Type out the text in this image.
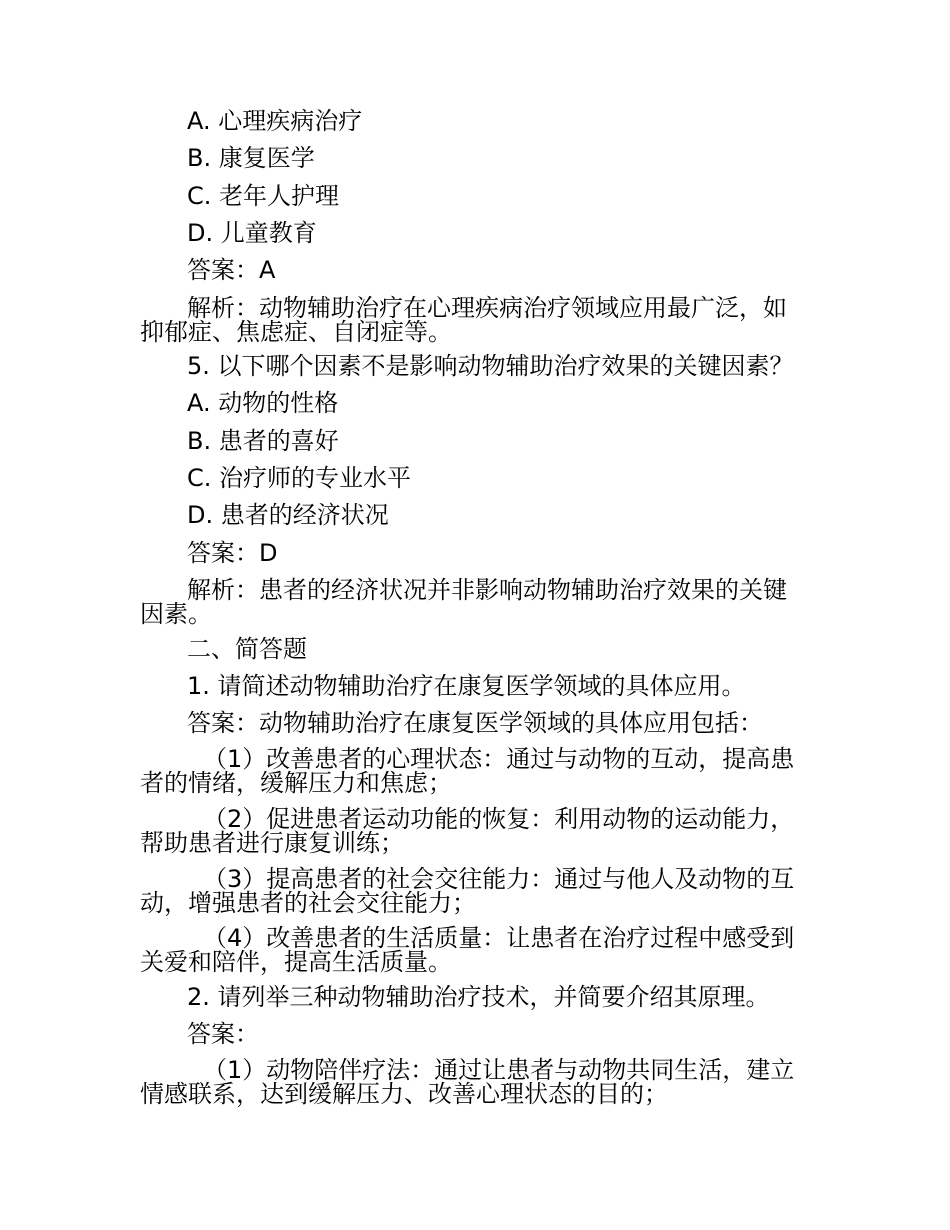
A. 心理疾病治疗
B. 康复医学
C. 老年人护理
D. 儿童教育
答案：A
解析：动物辅助治疗在心理疾病治疗领域应用最广泛，如
抑郁症、焦虑症、自闭症等。
5. 以下哪个因素不是影响动物辅助治疗效果的关键因素？
A. 动物的性格
B. 患者的喜好
C. 治疗师的专业水平
D. 患者的经济状况
答案：D
解析：患者的经济状况并非影响动物辅助治疗效果的关键
因素。
二、简答题
1. 请简述动物辅助治疗在康复医学领域的具体应用。
答案：动物辅助治疗在康复医学领域的具体应用包括：
（1）改善患者的心理状态：通过与动物的互动，提高患
者的情绪，缓解压力和焦虑；
（2）促进患者运动功能的恢复：利用动物的运动能力，
帮助患者进行康复训练；
（3）提高患者的社会交往能力：通过与他人及动物的互
动，增强患者的社会交往能力；
（4）改善患者的生活质量：让患者在治疗过程中感受到
关爱和陪伴，提高生活质量。
2. 请列举三种动物辅助治疗技术，并简要介绍其原理。
答案：
（1）动物陪伴疗法：通过让患者与动物共同生活，建立
情感联系，达到缓解压力、改善心理状态的目的；
